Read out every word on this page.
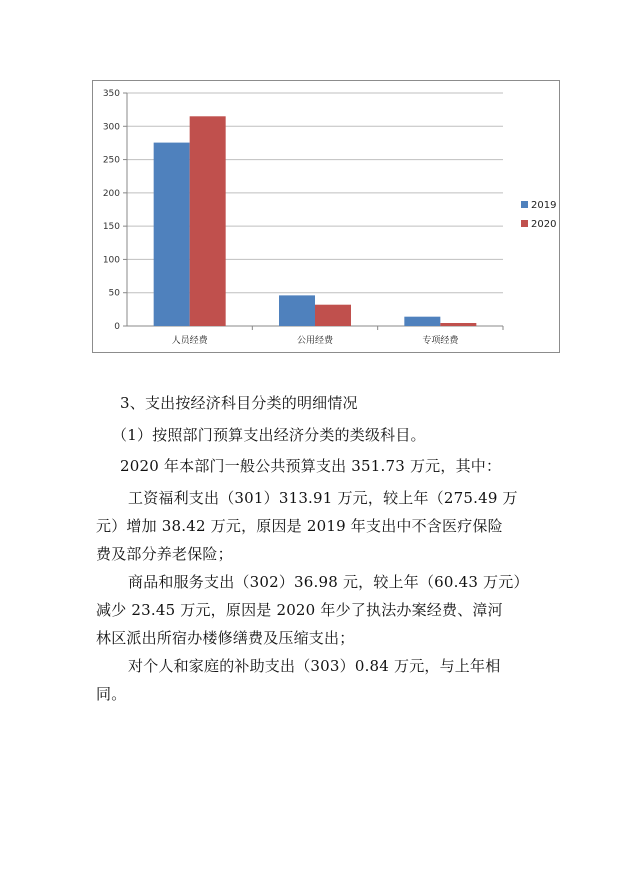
0
50
100
150
200
250
300
350
人员经费	公用经费	专项经费
2019
2020
3、支出按经济科目分类的明细情况
（1）按照部门预算支出经济分类的类级科目。
2020 年本部门一般公共预算支出 351.73 万元，其中：
工资福利支出（301）313.91 万元，较上年（275.49 万
元）增加 38.42 万元，原因是 2019 年支出中不含医疗保险
费及部分养老保险；
商品和服务支出（302）36.98 元，较上年（60.43 万元）
减少 23.45 万元，原因是 2020 年少了执法办案经费、漳河
林区派出所宿办楼修缮费及压缩支出；
对个人和家庭的补助支出（303）0.84 万元，与上年相
同。
